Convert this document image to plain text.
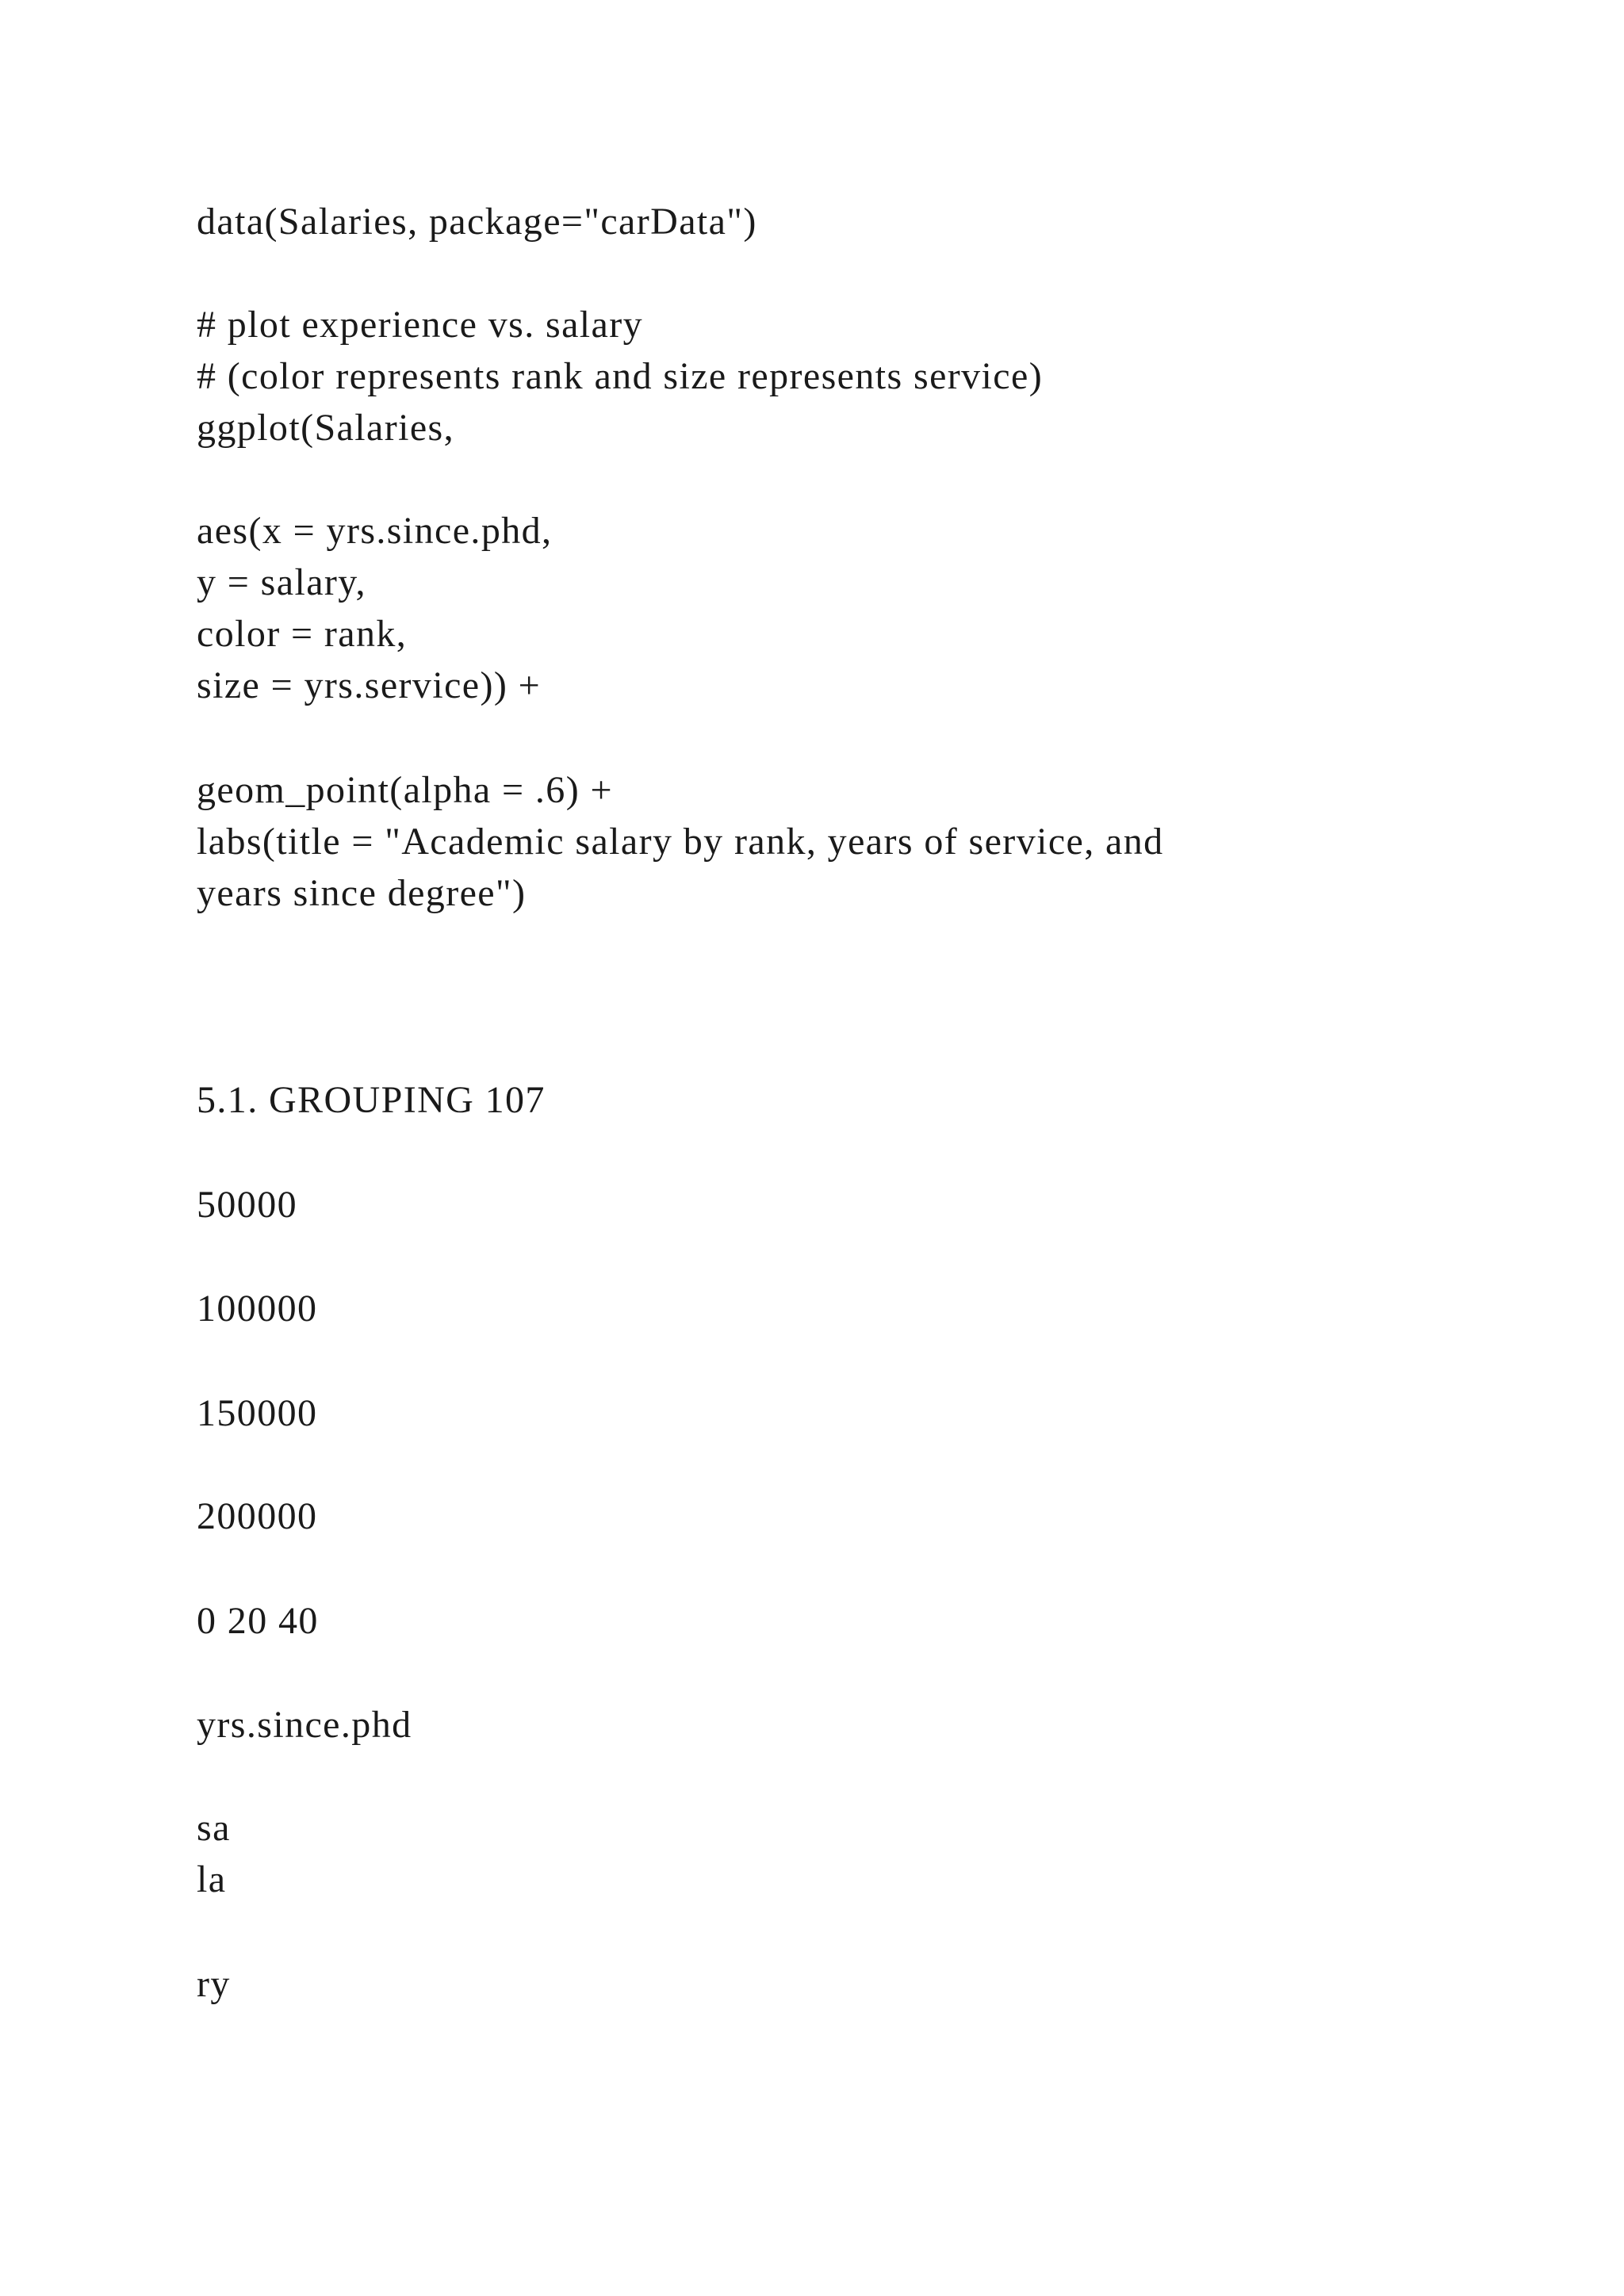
data(Salaries, package="carData")

# plot experience vs. salary

# (color represents rank and size represents service)

ggplot(Salaries,

aes(x = yrs.since.phd,

y = salary,

color = rank,

size = yrs.service)) +

geom_point(alpha = .6) +

labs(title = "Academic salary by rank, years of service, and

years since degree")

5.1. GROUPING 107

50000

100000

150000

200000

0 20 40

yrs.since.phd

sa

la

ry
